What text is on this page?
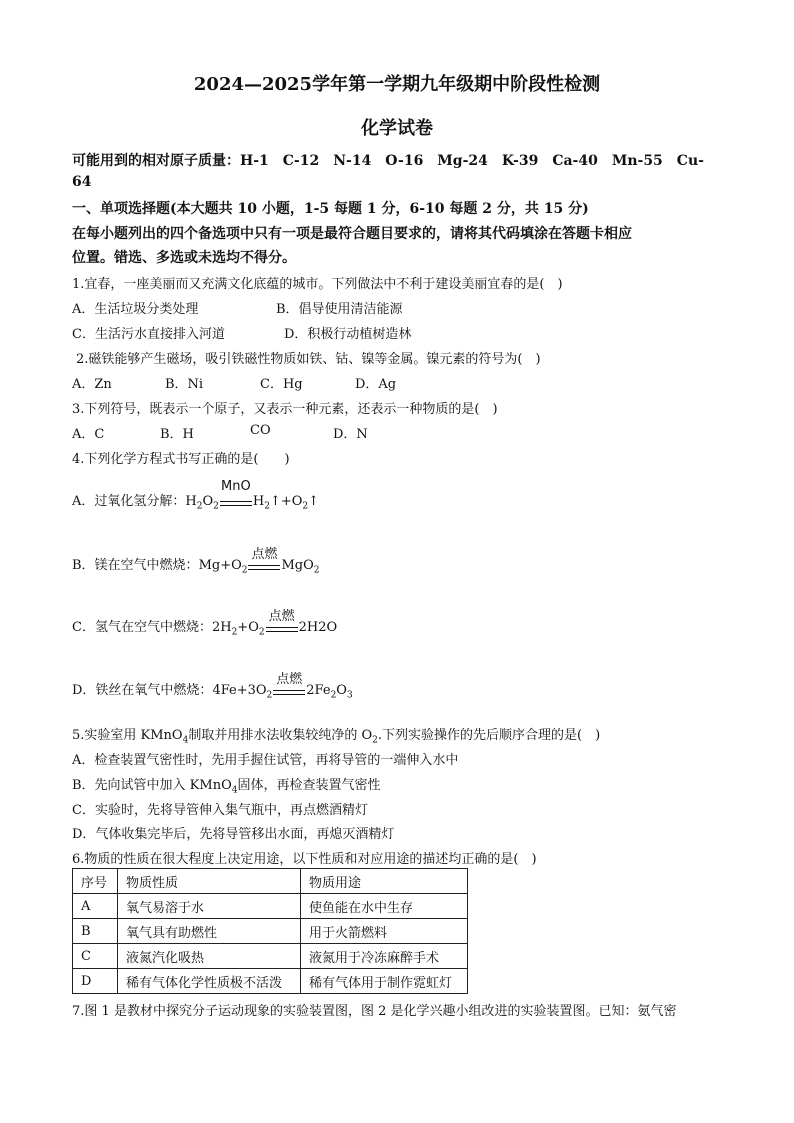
2024—2025学年第一学期九年级期中阶段性检测
化学试卷
可能用到的相对原子质量：H-1　C-12　N-14　O-16　Mg-24　K-39　Ca-40　Mn-55　Cu-
64
一、单项选择题(本大题共 10 小题，1-5 每题 1 分，6-10 每题 2 分，共 15 分)
在每小题列出的四个备选项中只有一项是最符合题目要求的，请将其代码填涂在答题卡相应
位置。错选、多选或未选均不得分。
1.宜春，一座美丽而又充满文化底蕴的城市。下列做法中不利于建设美丽宜春的是(　)
A．生活垃圾分类处理	B．倡导使用清洁能源
C．生活污水直接排入河道	D．积极行动植树造林
2.磁铁能够产生磁场，吸引铁磁性物质如铁、钴、镍等金属。镍元素的符号为(　)
A．Zn	B．Ni	C．Hg	D．Ag
3.下列符号，既表示一个原子，又表示一种元素，还表示一种物质的是(　)
A．C	B．H	CO	D．N
4.下列化学方程式书写正确的是(　　)
A．过氧化氢分解：$H_2O_2$
MnO
$H_2↑+O_2↑$
B．镁在空气中燃烧：$Mg+O_2$
点燃
MgO$_2$
C．氢气在空气中燃烧：$2H_2+O_2$
点燃
2H2O
D．铁丝在氧气中燃烧：$4Fe+3O_2$
点燃
$2Fe_2O_3$
5.实验室用 KMnO$_4$制取并用排水法收集较纯净的 $O_2$.下列实验操作的先后顺序合理的是(　)
A．检查装置气密性时，先用手握住试管，再将导管的一端伸入水中
B．先向试管中加入 KMnO$_4$固体，再检查装置气密性
C．实验时，先将导管伸入集气瓶中，再点燃酒精灯
D．气体收集完毕后，先将导管移出水面，再熄灭酒精灯
6.物质的性质在很大程度上决定用途，以下性质和对应用途的描述均正确的是(　)
序号	物质性质	物质用途
A	氧气易溶于水	使鱼能在水中生存
B	氧气具有助燃性	用于火箭燃料
C	液氮汽化吸热	液氮用于冷冻麻醉手术
D	稀有气体化学性质极不活泼	稀有气体用于制作霓虹灯
7.图 1 是教材中探究分子运动现象的实验装置图，图 2 是化学兴趣小组改进的实验装置图。已知：氨气密
